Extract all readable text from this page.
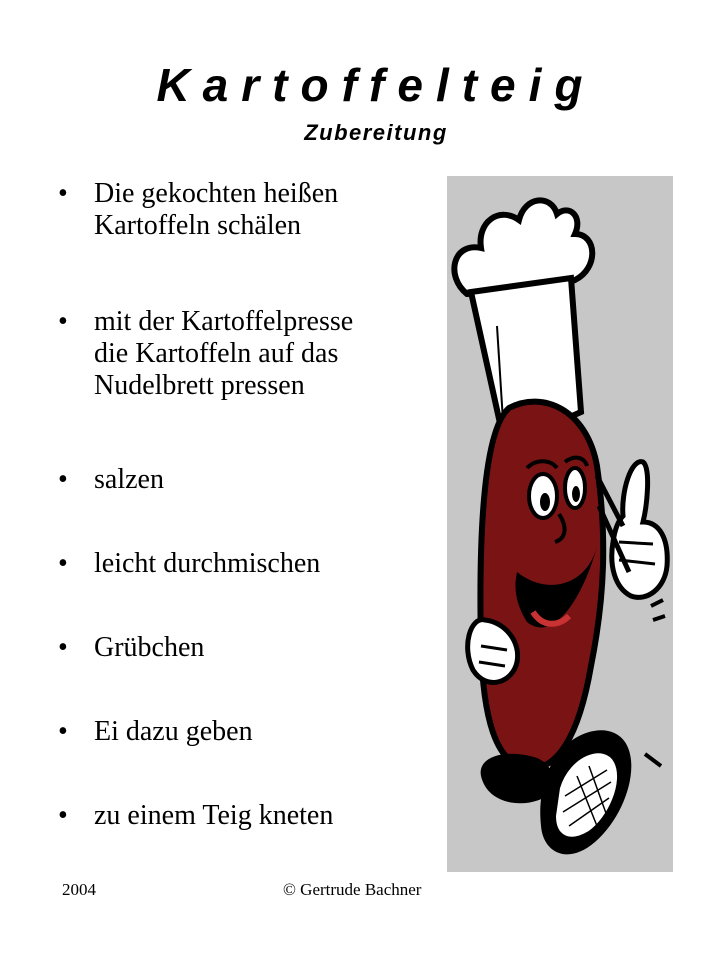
Kartoffelteig
Zubereitung
• Die gekochten heißen
Kartoffeln schälen
• mit der Kartoffelpresse
die Kartoffeln auf das
Nudelbrett pressen
• salzen
• leicht durchmischen
• Grübchen
• Ei dazu geben
• zu einem Teig kneten
2004	© Gertrude Bachner
